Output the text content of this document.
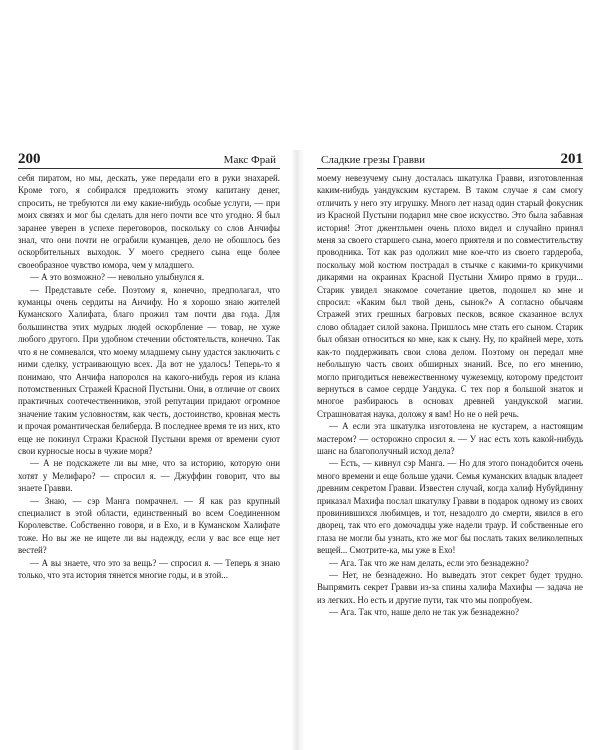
200	Макс Фрай

себя пиратом, но мы, дескать, уже передали его в руки знахарей. Кроме того, я собирался предложить этому капитану денег, спросить, не требуются ли ему какие-нибудь особые услуги, — при моих связях и мог бы сделать для него почти все что угодно. Я был заранее уверен в успехе переговоров, поскольку со слов Анчифы знал, что они почти не ограбили куманцев, дело не обошлось без оскорбительных выходок. У моего среднего сына еще более своеобразное чувство юмора, чем у младшего.

— А это возможно? — невольно улыбнулся я.

— Представьте себе. Поэтому я, конечно, предполагал, что куманцы очень сердиты на Анчифу. Но я хорошо знаю жителей Куманского Халифата, благо прожил там почти два года. Для большинства этих мудрых людей оскорбление — товар, не хуже любого другого. При удобном стечении обстоятельств, конечно. Так что я не сомневался, что моему младшему сыну удастся заключить с ними сделку, устраивающую всех. Да вот не удалось! Теперь-то я понимаю, что Анчифа напоролся на какого-нибудь героя из клана потомственных Стражей Красной Пустыни. Они, в отличие от своих практичных соотечественников, этой репутации придают огромное значение таким условностям, как честь, достоинство, кровная месть и прочая романтическая белиберда. В последнее время те из них, кто еще не покинул Стражи Красной Пустыни время от времени суют свои курносые носы в чужие моря?

— А не подскажете ли вы мне, что за историю, которую они хотят у Мелифаро? — спросил я. — Джуффин говорит, что вы знаете Гравви.

— Знаю, — сэр Манга помрачнел. — Я как раз крупный специалист в этой области, единственный во всем Соединенном Королевстве. Собственно говоря, и в Ехо, и в Куманском Халифате тоже. Но вы же не ищете ли вы надежду, если у вас все еще нет вестей?

— А вы знаете, что это за вещь? — спросил я. — Теперь я знаю только, что эта история тянется многие годы, и в этой...

Сладкие грезы Гравви	201

моему невезучему сыну досталась шкатулка Гравви, изготовленная каким-нибудь уандукским кустарем. В таком случае я сам смогу отличить у него эту игрушку. Много лет назад один старый фокусник из Красной Пустыни подарил мне свое искусство. Это была забавная история! Этот джентльмен очень плохо видел и случайно принял меня за своего старшего сына, моего приятеля и по совместительству проводника. Тот как раз одолжил мне кое-что из своего гардероба, поскольку мой костюм пострадал в стычке с какими-то крикучими дикарями на окраинах Красной Пустыни Хмиро прямо в груди... Старик увидел знакомое сочетание цветов, подошел ко мне и спросил: «Каким был твой день, сынок?» А согласно обычаям Стражей этих грешных багровых песков, всякое сказанное вслух слово обладает силой закона. Пришлось мне стать его сыном. Старик был обязан относиться ко мне, как к сыну. Ну, по крайней мере, хоть как-то поддерживать свои слова делом. Поэтому он передал мне небольшую часть своих обширных знаний. Все, по его мнению, могло пригодиться невежественному чужеземцу, которому предстоит вернуться в самое сердце Уандука. С тех пор я большой знаток и многое разбираюсь в основах древней уандукской магии. Страшноватая наука, доложу я вам! Но не о ней речь.

— А если эта шкатулка изготовлена не кустарем, а настоящим мастером? — осторожно спросил я. — У нас есть хоть какой-нибудь шанс на благополучный исход дела?

— Есть, — кивнул сэр Манга. — Но для этого понадобится очень много времени и еще больше удачи. Семья куманских владык владеет древним секретом Гравви. Известен случай, когда халиф Нубуйдинну приказал Махифа послал шкатулку Гравви в подарок одному из своих провинившихся любимцев, и тот, незадолго до смерти, явился в его дворец, так что его домочадцы уже надели траур. И собственные его глаза не могли бы узнать, кто же мог бы послать таких великолепных вещей... Смотрите-ка, мы уже в Ехо!

— Ага. Так что же нам делать, если это безнадежно?

— Нет, не безнадежно. Но выведать этот секрет будет трудно. Выпрямить секрет Гравви из-за спины халифа Махифы — задача не из легких. Но есть и другие пути, так что мы попробуем.

— Ага. Так что, наше дело не так уж безнадежно?
